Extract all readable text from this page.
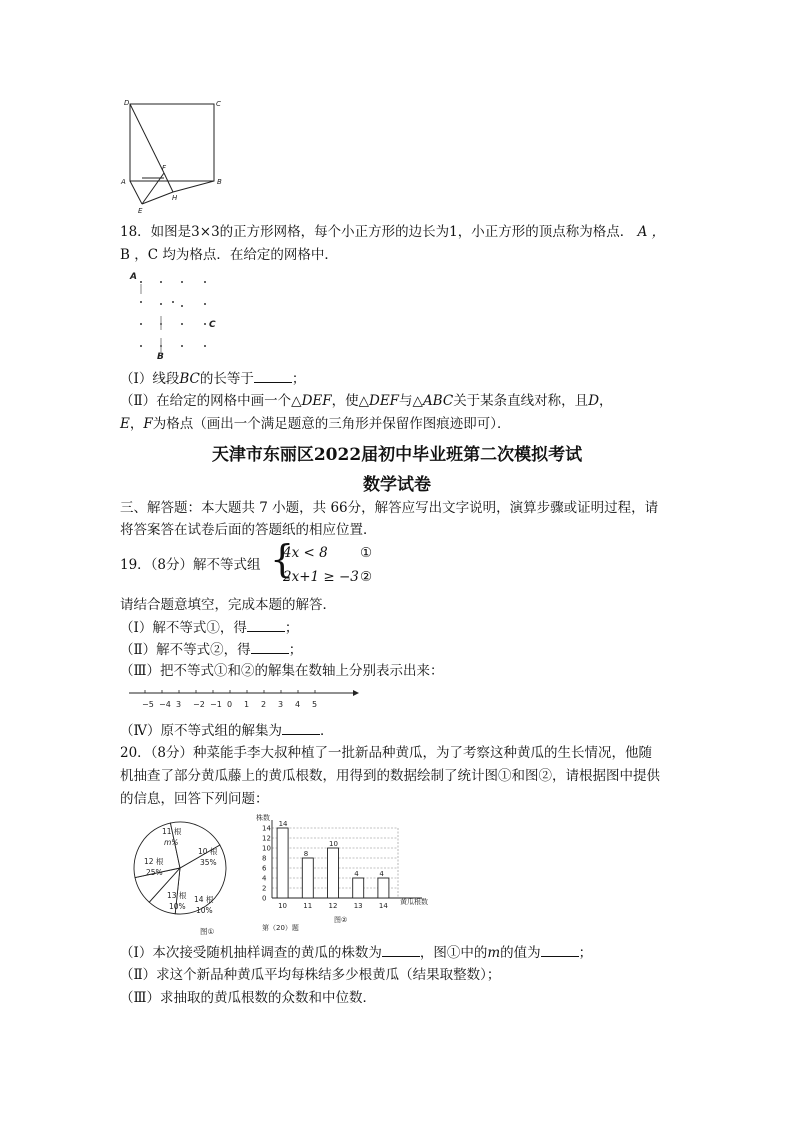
D	C
F
A	B
H
E
18．如图是3×3的正方形网格，每个小正方形的边长为1，小正方形的顶点称为格点． A ，
B ，C 均为格点．在给定的网格中．
A
B
C
（Ⅰ）线段BC的长等于	；
（Ⅱ）在给定的网格中画一个△DEF，使△DEF与△ABC关于某条直线对称，且D，
E，F为格点（画出一个满足题意的三角形并保留作图痕迹即可）．
天津市东丽区2022届初中毕业班第二次模拟考试
数学试卷
三、解答题：本大题共 7 小题，共 66分，解答应写出文字说明，演算步骤或证明过程，请
将答案答在试卷后面的答题纸的相应位置．
19．（8分）解不等式组 {
4x < 8 ①
2x+1 ≥ −3 ②
请结合题意填空，完成本题的解答．
（Ⅰ）解不等式①，得	；
（Ⅱ）解不等式②，得	；
（Ⅲ）把不等式①和②的解集在数轴上分别表示出来：
−5 −4 3 −2 −1 0 1 2 3 4 5
（Ⅳ）原不等式组的解集为	．
20．（8分）种菜能手李大叔种植了一批新品种黄瓜，为了考察这种黄瓜的生长情况，他随
机抽查了部分黄瓜藤上的黄瓜根数，用得到的数据绘制了统计图①和图②，请根据图中提供
的信息，回答下列问题：
10 根
35%
14 根
10%
13 根
10%
12 根
25%
11 根
m%
图①
0
2
4
6
8
10
12
14
14
8
10
4	4
10 11 12 13 14
株数
黄瓜根数
图②
第（20）题
（Ⅰ）本次接受随机抽样调查的黄瓜的株数为	，图①中的m的值为	；
（Ⅱ）求这个新品种黄瓜平均每株结多少根黄瓜（结果取整数）；
（Ⅲ）求抽取的黄瓜根数的众数和中位数．
